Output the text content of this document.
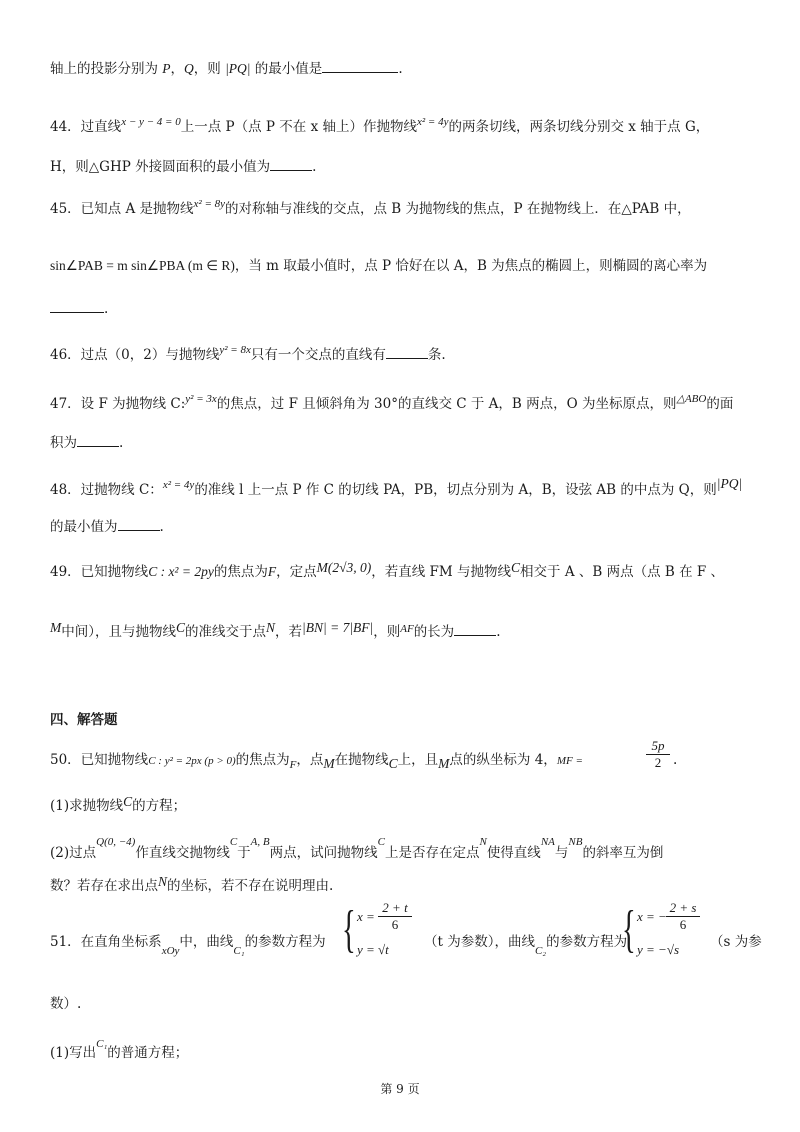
轴上的投影分别为 P，Q，则 |PQ| 的最小值是	.
44．过直线$^{x - y - 4 = 0}$上一点 P（点 P 不在 x 轴上）作抛物线$^{x^2 = 4y}$的两条切线，两条切线分别交 x 轴于点 G，
H，则△GHP 外接圆面积的最小值为	.
45．已知点 A 是抛物线$^{x^2 = 8y}$的对称轴与准线的交点，点 B 为抛物线的焦点，P 在抛物线上．在△PAB 中，
sin∠PAB = m sin∠PBA (m ∈ R)，当 m 取最小值时，点 P 恰好在以 A，B 为焦点的椭圆上，则椭圆的离心率为
.
46．过点（0，2）与抛物线$^{y^2 = 8x}$只有一个交点的直线有	条.
47．设 F 为抛物线 C:$^{y^2 = 3x}$的焦点，过 F 且倾斜角为 30°的直线交 C 于 A，B 两点，O 为坐标原点，则$^{\triangle ABO}$的面
积为	.
48．过抛物线 C：$^{x^2 = 4y}$的准线 l 上一点 P 作 C 的切线 PA，PB，切点分别为 A，B，设弦 AB 的中点为 Q，则|PQ|
的最小值为	.
49．已知抛物线C : x² = 2py的焦点为F，定点M(2√3, 0)，若直线 FM 与抛物线C相交于 A 、B 两点（点 B 在 F 、
M中间），且与抛物线C的准线交于点N，若|BN| = 7|BF|，则$^{AF}$的长为	.
四、解答题
50．已知抛物线C : y² = 2px (p > 0)的焦点为$_F$，点M在抛物线C上，且M点的纵坐标为 4，MF =	$\frac{5p}{2}$ .
(1)求抛物线C的方程；
(2)过点$^{Q(0, -4)}$作直线交抛物线$^C$于$^{A, B}$两点，试问抛物线$^C$上是否存在定点$^N$使得直线$^{NA}$与$^{NB}$的斜率互为倒
数？若存在求出点N的坐标，若不存在说明理由.
51．在直角坐标系$_{xOy}$中，曲线$_{C_1}$的参数方程为 { $x = \frac{2 + t}{6}$
y = √t	（t 为参数），曲线$_{C_2}$的参数方程为
{ x = − $\frac{2 + s}{6}$
y = −√s （s 为参
数）.
(1)写出$^{C_1}$的普通方程；
第 9 页
